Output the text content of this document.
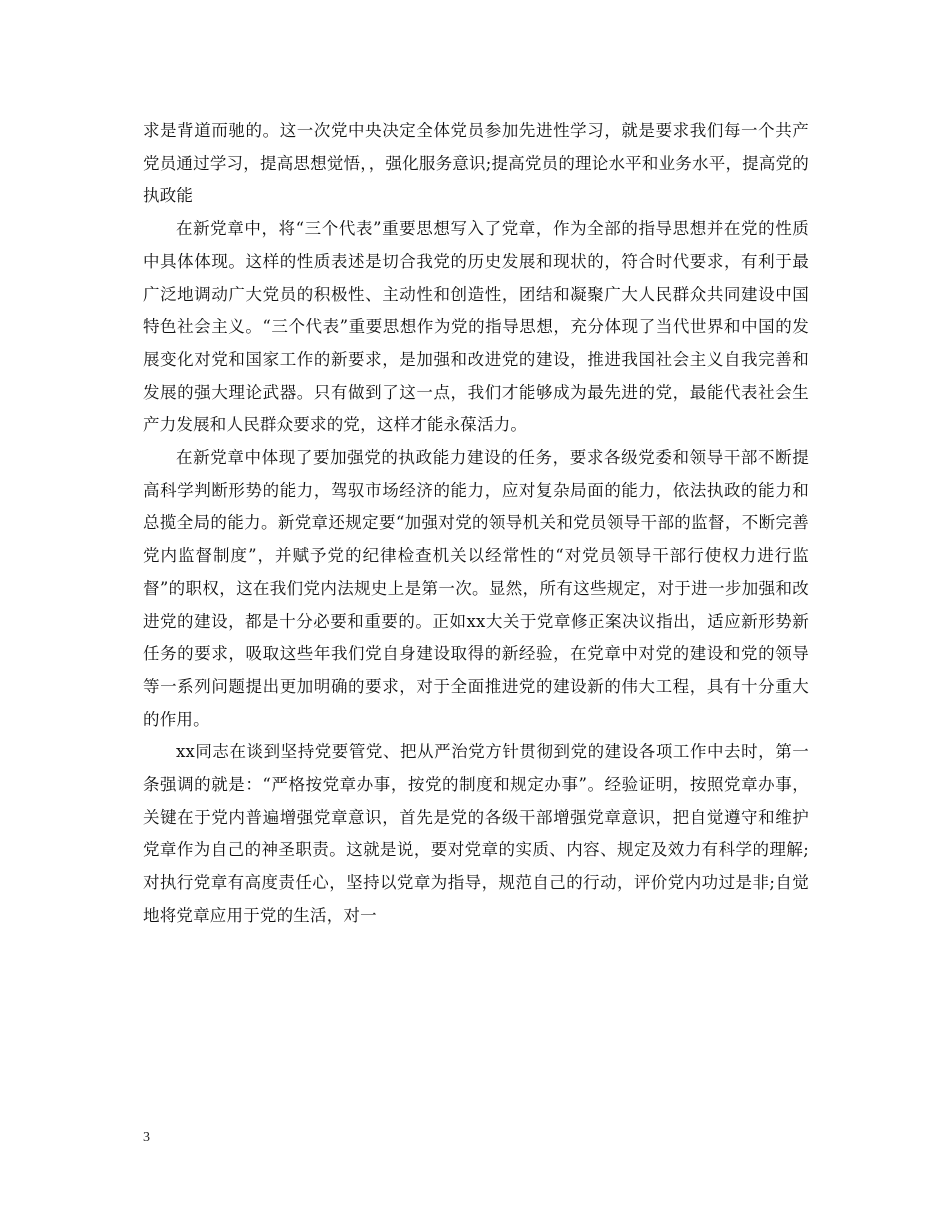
求是背道而驰的。这一次党中央决定全体党员参加先进性学习，就是要求我们每一个共产党员通过学习，提高思想觉悟，，强化服务意识;提高党员的理论水平和业务水平，提高党的执政能

在新党章中，将“三个代表”重要思想写入了党章，作为全部的指导思想并在党的性质中具体体现。这样的性质表述是切合我党的历史发展和现状的，符合时代要求，有利于最广泛地调动广大党员的积极性、主动性和创造性，团结和凝聚广大人民群众共同建设中国特色社会主义。“三个代表”重要思想作为党的指导思想，充分体现了当代世界和中国的发展变化对党和国家工作的新要求，是加强和改进党的建设，推进我国社会主义自我完善和发展的强大理论武器。只有做到了这一点，我们才能够成为最先进的党，最能代表社会生产力发展和人民群众要求的党，这样才能永葆活力。

在新党章中体现了要加强党的执政能力建设的任务，要求各级党委和领导干部不断提高科学判断形势的能力，驾驭市场经济的能力，应对复杂局面的能力，依法执政的能力和总揽全局的能力。新党章还规定要“加强对党的领导机关和党员领导干部的监督，不断完善党内监督制度”，并赋予党的纪律检查机关以经常性的“对党员领导干部行使权力进行监督”的职权，这在我们党内法规史上是第一次。显然，所有这些规定，对于进一步加强和改进党的建设，都是十分必要和重要的。正如xx大关于党章修正案决议指出，适应新形势新任务的要求，吸取这些年我们党自身建设取得的新经验，在党章中对党的建设和党的领导等一系列问题提出更加明确的要求，对于全面推进党的建设新的伟大工程，具有十分重大的作用。

xx同志在谈到坚持党要管党、把从严治党方针贯彻到党的建设各项工作中去时，第一条强调的就是：“严格按党章办事，按党的制度和规定办事”。经验证明，按照党章办事，关键在于党内普遍增强党章意识，首先是党的各级干部增强党章意识，把自觉遵守和维护党章作为自己的神圣职责。这就是说，要对党章的实质、内容、规定及效力有科学的理解;对执行党章有高度责任心，坚持以党章为指导，规范自己的行动，评价党内功过是非;自觉地将党章应用于党的生活，对一

3
